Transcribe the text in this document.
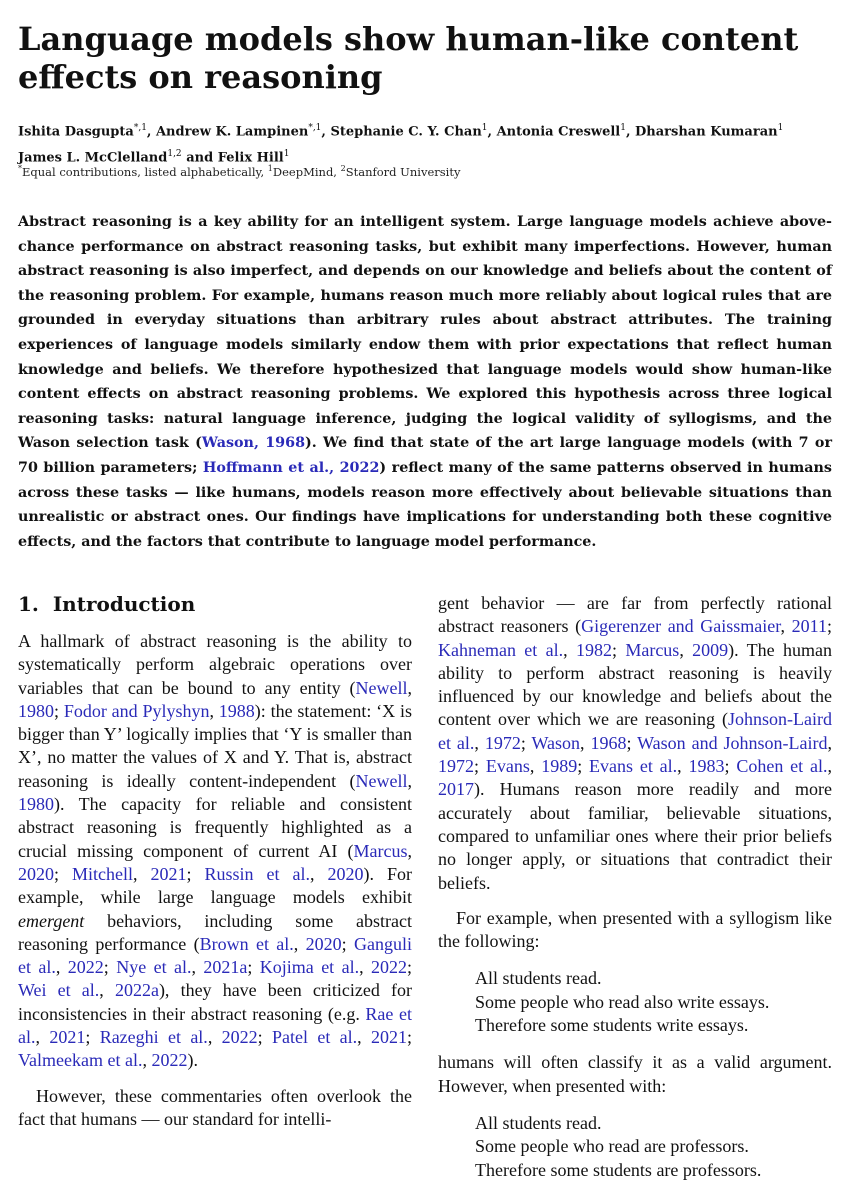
Language models show human-like content
effects on reasoning

Ishita Dasgupta$^{*,1}$, Andrew K. Lampinen$^{*,1}$, Stephanie C. Y. Chan$^1$, Antonia Creswell$^1$, Dharshan Kumaran$^1$
James L. McClelland$^{1,2}$ and Felix Hill$^1$

*Equal contributions, listed alphabetically, $^1$DeepMind, $^2$Stanford University

Abstract reasoning is a key ability for an intelligent system. Large language models achieve above-chance performance on abstract reasoning tasks, but exhibit many imperfections. However, human abstract reasoning is also imperfect, and depends on our knowledge and beliefs about the content of the reasoning problem. For example, humans reason much more reliably about logical rules that are grounded in everyday situations than arbitrary rules about abstract attributes. The training experiences of language models similarly endow them with prior expectations that reflect human knowledge and beliefs. We therefore hypothesized that language models would show human-like content effects on abstract reasoning problems. We explored this hypothesis across three logical reasoning tasks: natural language inference, judging the logical validity of syllogisms, and the Wason selection task (Wason, 1968). We find that state of the art large language models (with 7 or 70 billion parameters; Hoffmann et al., 2022) reflect many of the same patterns observed in humans across these tasks — like humans, models reason more effectively about believable situations than unrealistic or abstract ones. Our findings have implications for understanding both these cognitive effects, and the factors that contribute to language model performance.

1. Introduction

A hallmark of abstract reasoning is the ability to systematically perform algebraic operations over variables that can be bound to any entity (Newell, 1980; Fodor and Pylyshyn, 1988): the statement: ‘X is bigger than Y’ logically implies that ‘Y is smaller than X’, no matter the values of X and Y. That is, abstract reasoning is ideally content-independent (Newell, 1980). The capacity for reliable and consistent abstract reasoning is frequently highlighted as a crucial missing component of current AI (Marcus, 2020; Mitchell, 2021; Russin et al., 2020). For example, while large language models exhibit emergent behaviors, including some abstract reasoning performance (Brown et al., 2020; Ganguli et al., 2022; Nye et al., 2021a; Kojima et al., 2022; Wei et al., 2022a), they have been criticized for inconsistencies in their abstract reasoning (e.g. Rae et al., 2021; Razeghi et al., 2022; Patel et al., 2021; Valmeekam et al., 2022).

However, these commentaries often overlook the fact that humans — our standard for intelli-

gent behavior — are far from perfectly rational abstract reasoners (Gigerenzer and Gaissmaier, 2011; Kahneman et al., 1982; Marcus, 2009). The human ability to perform abstract reasoning is heavily influenced by our knowledge and beliefs about the content over which we are reasoning (Johnson-Laird et al., 1972; Wason, 1968; Wason and Johnson-Laird, 1972; Evans, 1989; Evans et al., 1983; Cohen et al., 2017). Humans reason more readily and more accurately about familiar, believable situations, compared to unfamiliar ones where their prior beliefs no longer apply, or situations that contradict their beliefs.

For example, when presented with a syllogism like the following:

All students read.
Some people who read also write essays.
Therefore some students write essays.

humans will often classify it as a valid argument. However, when presented with:

All students read.
Some people who read are professors.
Therefore some students are professors.
